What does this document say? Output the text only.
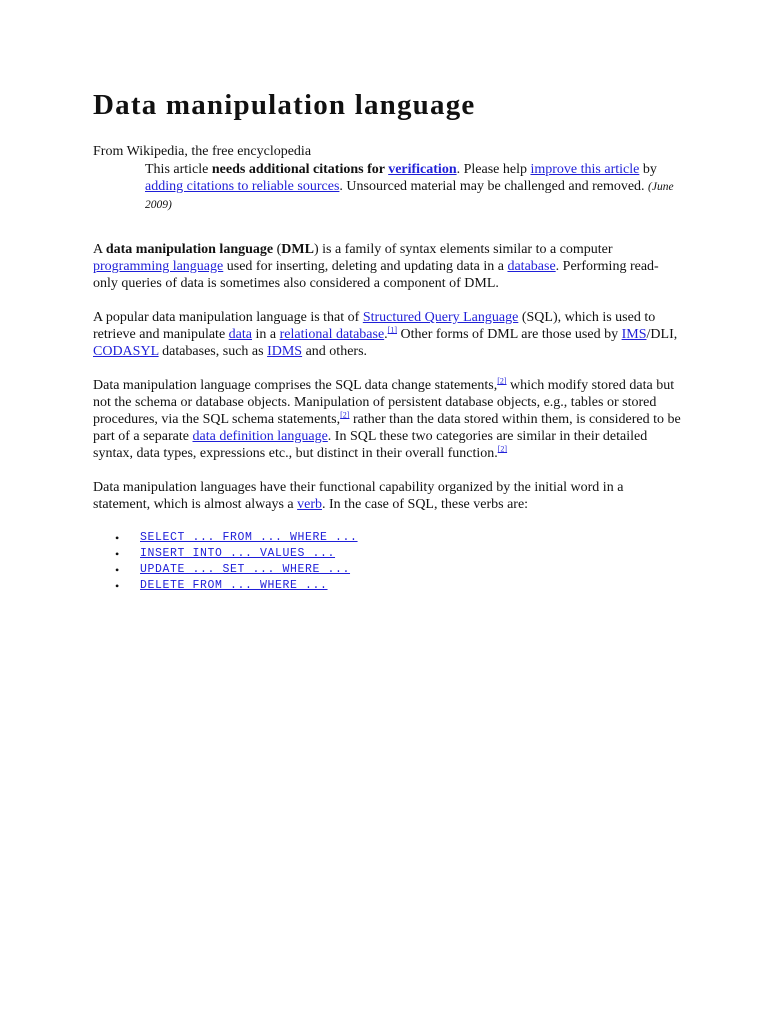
Data manipulation language

From Wikipedia, the free encyclopedia

This article needs additional citations for verification. Please help improve this article by adding citations to reliable sources. Unsourced material may be challenged and removed. (June 2009)

A data manipulation language (DML) is a family of syntax elements similar to a computer programming language used for inserting, deleting and updating data in a database. Performing read-only queries of data is sometimes also considered a component of DML.

A popular data manipulation language is that of Structured Query Language (SQL), which is used to retrieve and manipulate data in a relational database.[1] Other forms of DML are those used by IMS/DLI, CODASYL databases, such as IDMS and others.

Data manipulation language comprises the SQL data change statements,[2] which modify stored data but not the schema or database objects. Manipulation of persistent database objects, e.g., tables or stored procedures, via the SQL schema statements,[2] rather than the data stored within them, is considered to be part of a separate data definition language. In SQL these two categories are similar in their detailed syntax, data types, expressions etc., but distinct in their overall function.[2]

Data manipulation languages have their functional capability organized by the initial word in a statement, which is almost always a verb. In the case of SQL, these verbs are:

• SELECT ... FROM ... WHERE ...
• INSERT INTO ... VALUES ...
• UPDATE ... SET ... WHERE ...
• DELETE FROM ... WHERE ...
